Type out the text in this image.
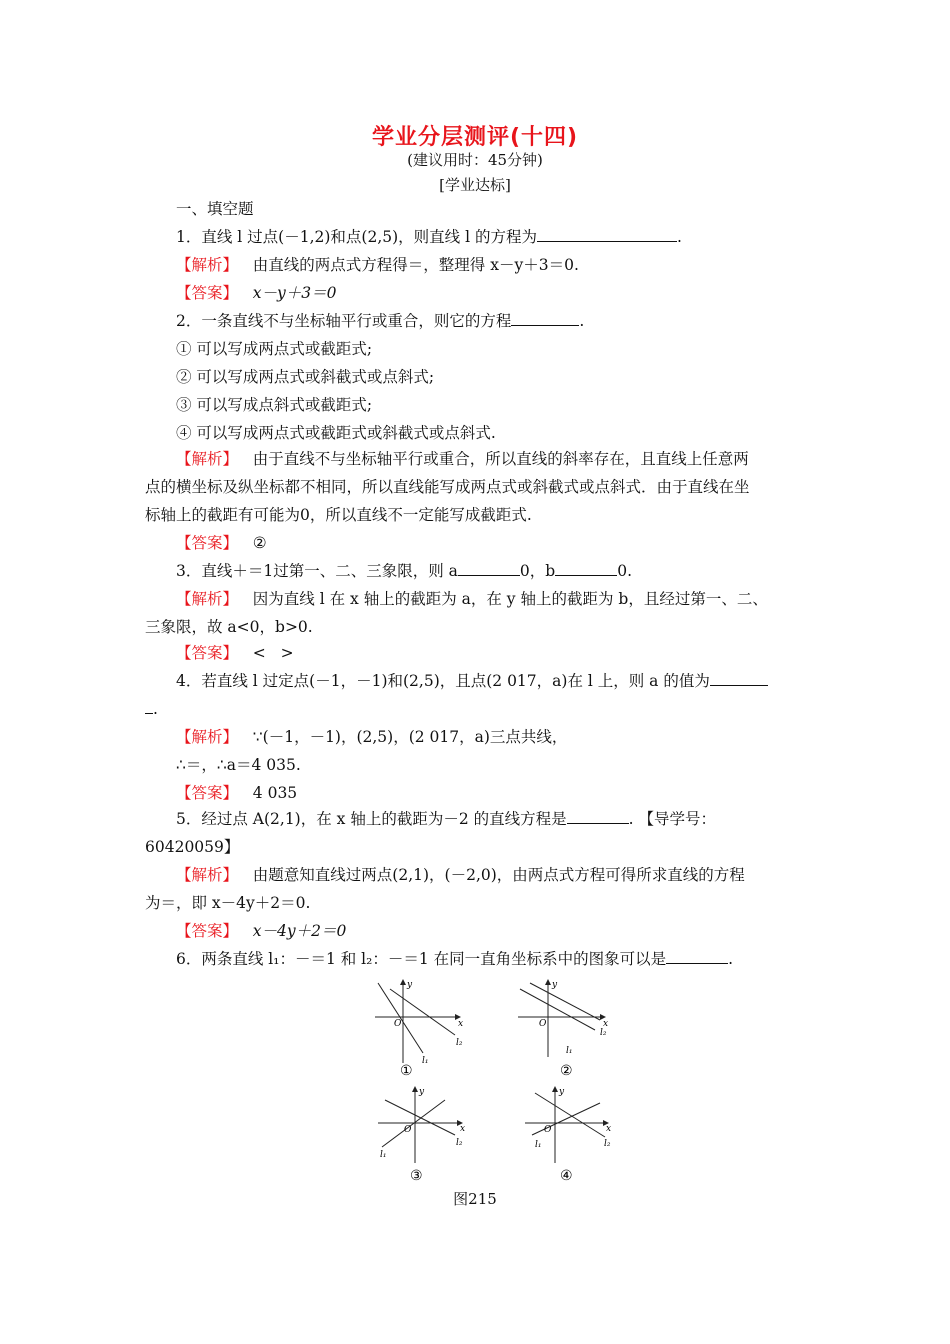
学业分层测评(十四)
(建议用时：45分钟)
[学业达标]
一、填空题
1．直线 l 过点(－1,2)和点(2,5)，则直线 l 的方程为	.
【解析】 由直线的两点式方程得＝，整理得 x－y＋3＝0.
【答案】 x－y＋3＝0
2．一条直线不与坐标轴平行或重合，则它的方程	.
① 可以写成两点式或截距式;
② 可以写成两点式或斜截式或点斜式;
③ 可以写成点斜式或截距式;
④ 可以写成两点式或截距式或斜截式或点斜式.
【解析】 由于直线不与坐标轴平行或重合，所以直线的斜率存在，且直线上任意两
点的横坐标及纵坐标都不相同，所以直线能写成两点式或斜截式或点斜式．由于直线在坐
标轴上的截距有可能为0，所以直线不一定能写成截距式.
【答案】 ②
3．直线＋＝1过第一、二、三象限，则 a	0，b	0.
【解析】 因为直线 l 在 x 轴上的截距为 a，在 y 轴上的截距为 b，且经过第一、二、
三象限，故 a<0，b>0.
【答案】 <   >
4．若直线 l 过定点(－1，－1)和(2,5)，且点(2 017，a)在 l 上，则 a 的值为
.
【解析】 ∵(－1，－1)，(2,5)，(2 017，a)三点共线，
∴＝，∴a＝4 035.
【答案】 4 035
5．经过点 A(2,1)，在 x 轴上的截距为－2 的直线方程是	. 【导学号：
60420059】
【解析】 由题意知直线过两点(2,1)，(－2,0)，由两点式方程可得所求直线的方程
为＝，即 x－4y＋2＝0.
【答案】 x－4y＋2＝0
6．两条直线 l₁：－＝1 和 l₂：－＝1 在同一直角坐标系中的图象可以是	.
x
y
O
l₁
l₂
①
x
y
O
l₁
l₂
②
x
y
O
l₁
l₂
③
x
y
O
l₁	l₂
④
图215
